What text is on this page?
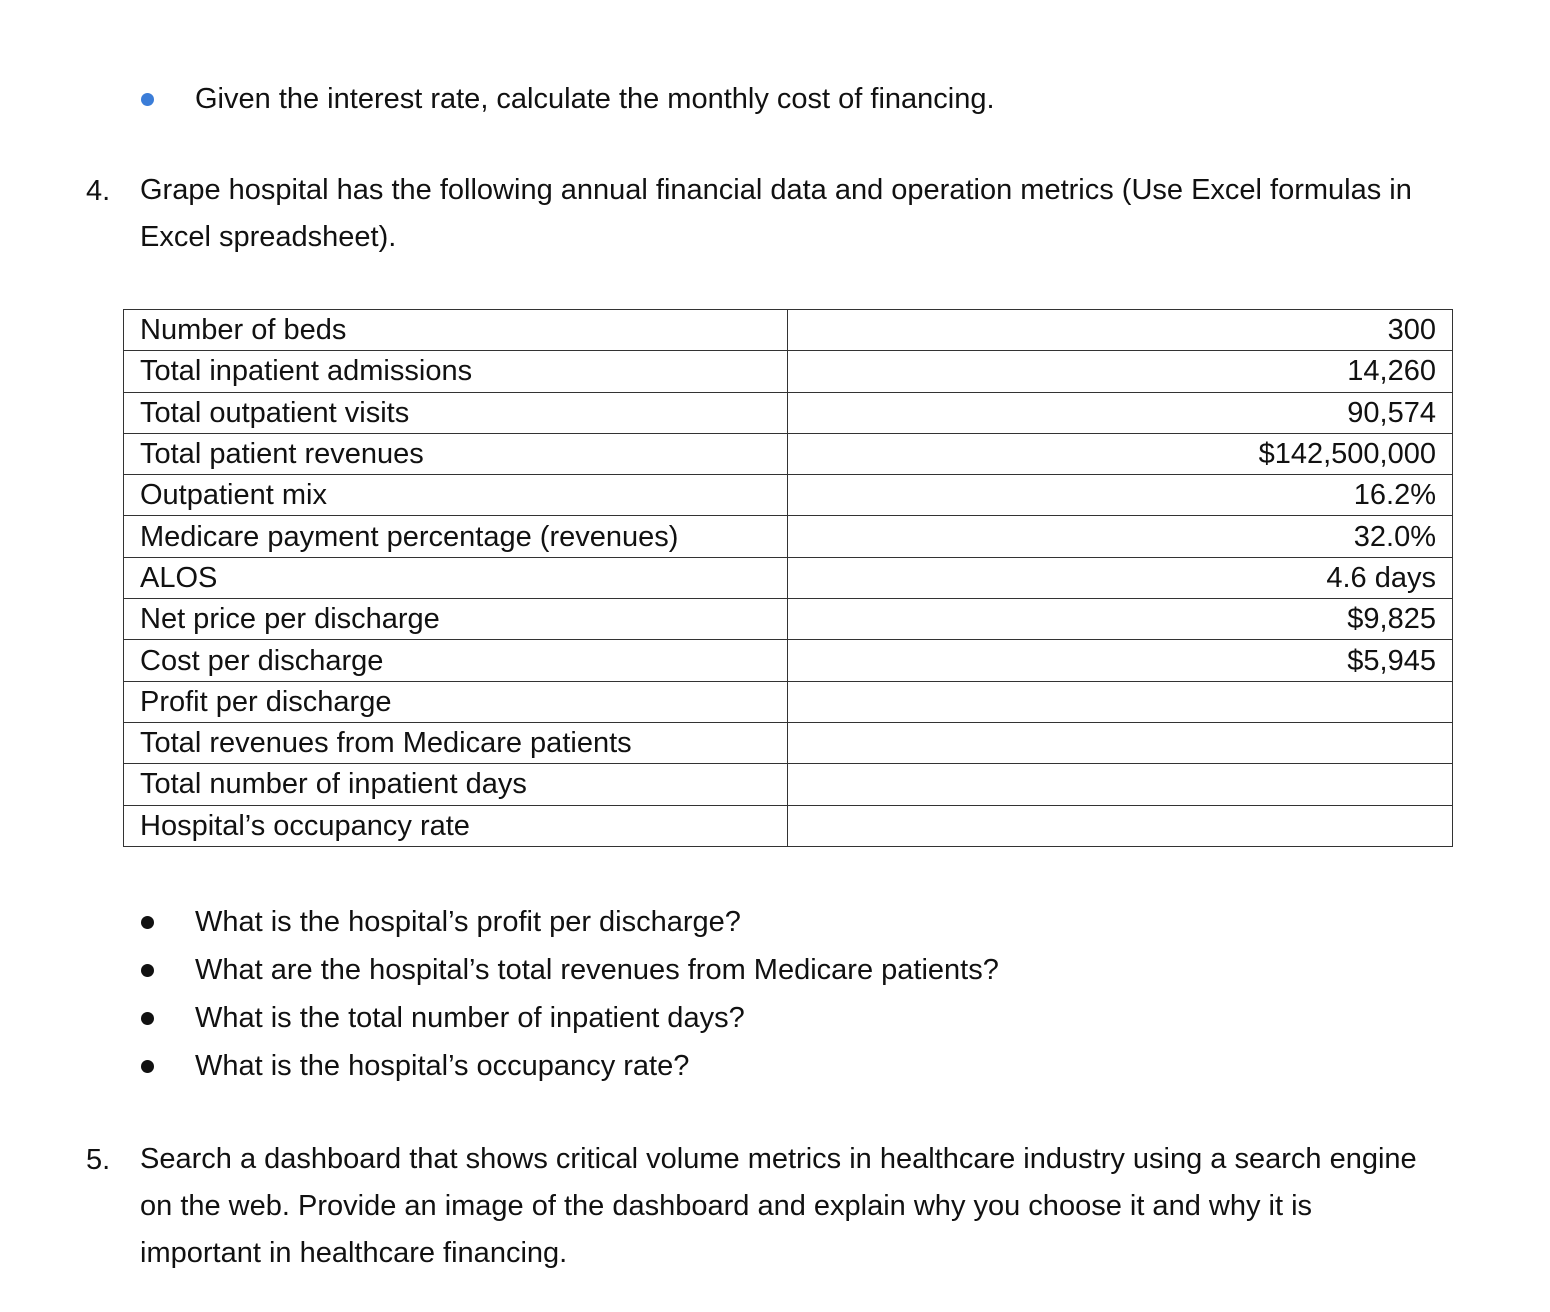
Given the interest rate, calculate the monthly cost of financing.
4. Grape hospital has the following annual financial data and operation metrics (Use Excel formulas in Excel spreadsheet).
Number of beds	300
Total inpatient admissions	14,260
Total outpatient visits	90,574
Total patient revenues	$142,500,000
Outpatient mix	16.2%
Medicare payment percentage (revenues)	32.0%
ALOS	4.6 days
Net price per discharge	$9,825
Cost per discharge	$5,945
Profit per discharge	
Total revenues from Medicare patients	
Total number of inpatient days	
Hospital’s occupancy rate	
What is the hospital’s profit per discharge?
What are the hospital’s total revenues from Medicare patients?
What is the total number of inpatient days?
What is the hospital’s occupancy rate?
5. Search a dashboard that shows critical volume metrics in healthcare industry using a search engine on the web. Provide an image of the dashboard and explain why you choose it and why it is important in healthcare financing.
